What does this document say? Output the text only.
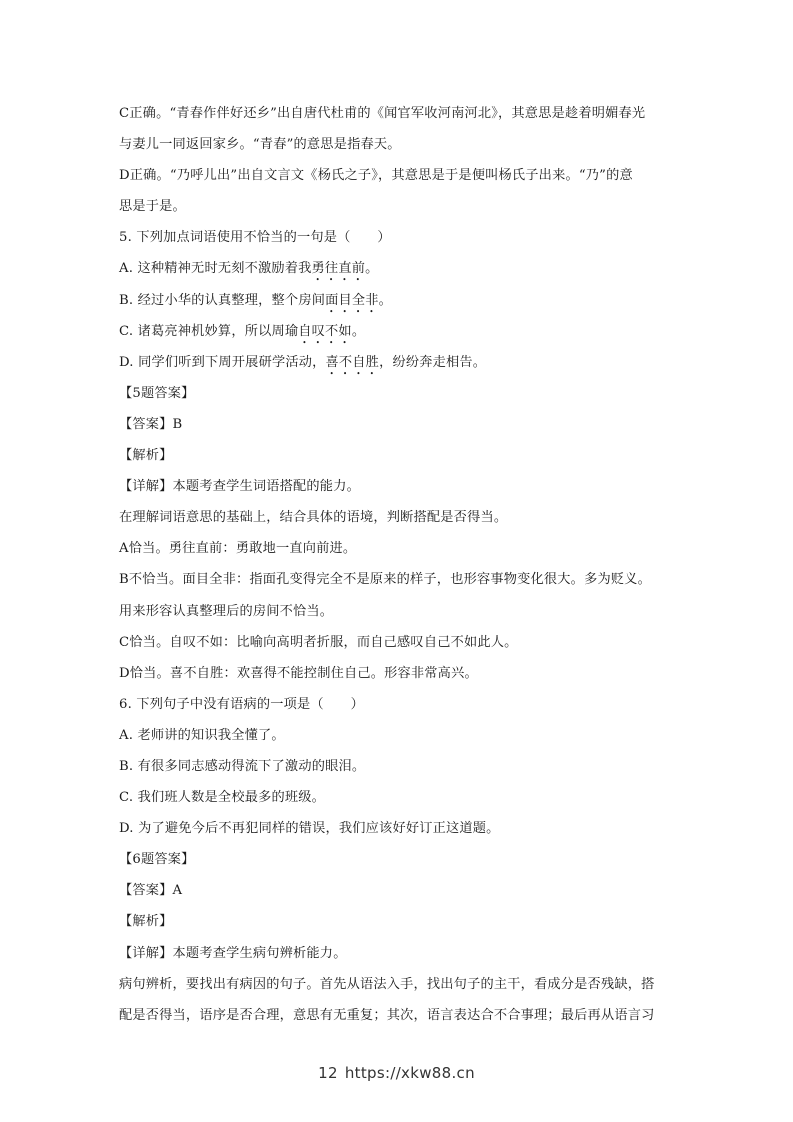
C正确。“青春作伴好还乡”出自唐代杜甫的《闻官军收河南河北》，其意思是趁着明媚春光
与妻儿一同返回家乡。“青春”的意思是指春天。
D正确。“乃呼儿出”出自文言文《杨氏之子》，其意思是于是便叫杨氏子出来。“乃”的意
思是于是。
5. 下列加点词语使用不恰当的一句是（　　）
A. 这种精神无时无刻不激励着我勇往直前。
B. 经过小华的认真整理，整个房间面目全非。
C. 诸葛亮神机妙算，所以周瑜自叹不如。
D. 同学们听到下周开展研学活动，喜不自胜，纷纷奔走相告。
【5题答案】
【答案】B
【解析】
【详解】本题考查学生词语搭配的能力。
在理解词语意思的基础上，结合具体的语境，判断搭配是否得当。
A恰当。勇往直前：勇敢地一直向前进。
B不恰当。面目全非：指面孔变得完全不是原来的样子，也形容事物变化很大。多为贬义。
用来形容认真整理后的房间不恰当。
C恰当。自叹不如：比喻向高明者折服，而自己感叹自己不如此人。
D恰当。喜不自胜：欢喜得不能控制住自己。形容非常高兴。
6. 下列句子中没有语病的一项是（　　）
A. 老师讲的知识我全懂了。
B. 有很多同志感动得流下了激动的眼泪。
C. 我们班人数是全校最多的班级。
D. 为了避免今后不再犯同样的错误，我们应该好好订正这道题。
【6题答案】
【答案】A
【解析】
【详解】本题考查学生病句辨析能力。
病句辨析，要找出有病因的句子。首先从语法入手，找出句子的主干，看成分是否残缺，搭
配是否得当，语序是否合理，意思有无重复；其次，语言表达合不合事理；最后再从语言习
12 https://xkw88.cn
